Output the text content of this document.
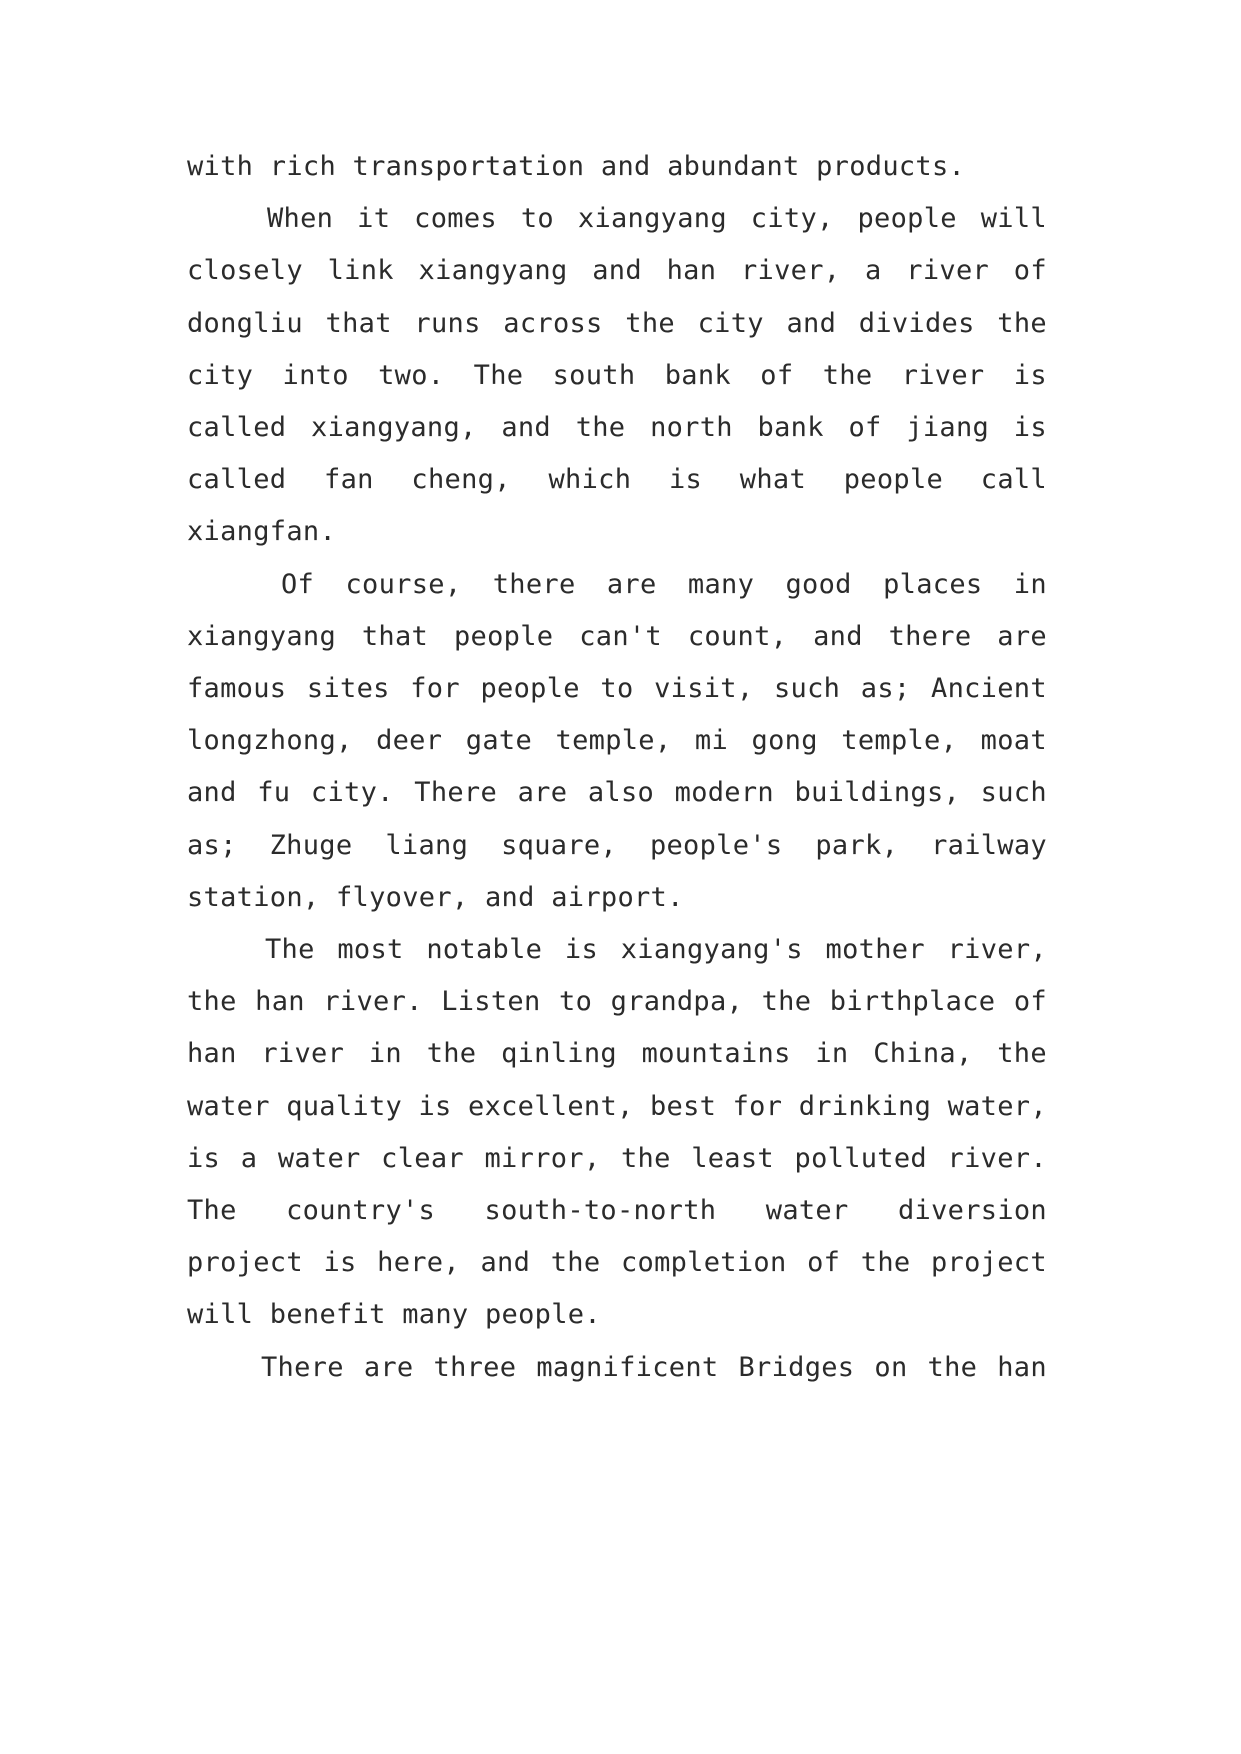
with rich transportation and abundant products.
When it comes to xiangyang city, people will
closely link xiangyang and han river, a river of
dongliu that runs across the city and divides the
city into two. The south bank of the river is
called xiangyang, and the north bank of jiang is
called fan cheng, which is what people call
xiangfan.
Of course, there are many good places in
xiangyang that people can't count, and there are
famous sites for people to visit, such as; Ancient
longzhong, deer gate temple, mi gong temple, moat
and fu city. There are also modern buildings, such
as; Zhuge liang square, people's park, railway
station, flyover, and airport.
The most notable is xiangyang's mother river,
the han river. Listen to grandpa, the birthplace of
han river in the qinling mountains in China, the
water quality is excellent, best for drinking water,
is a water clear mirror, the least polluted river.
The country's south-to-north water diversion
project is here, and the completion of the project
will benefit many people.
There are three magnificent Bridges on the han
